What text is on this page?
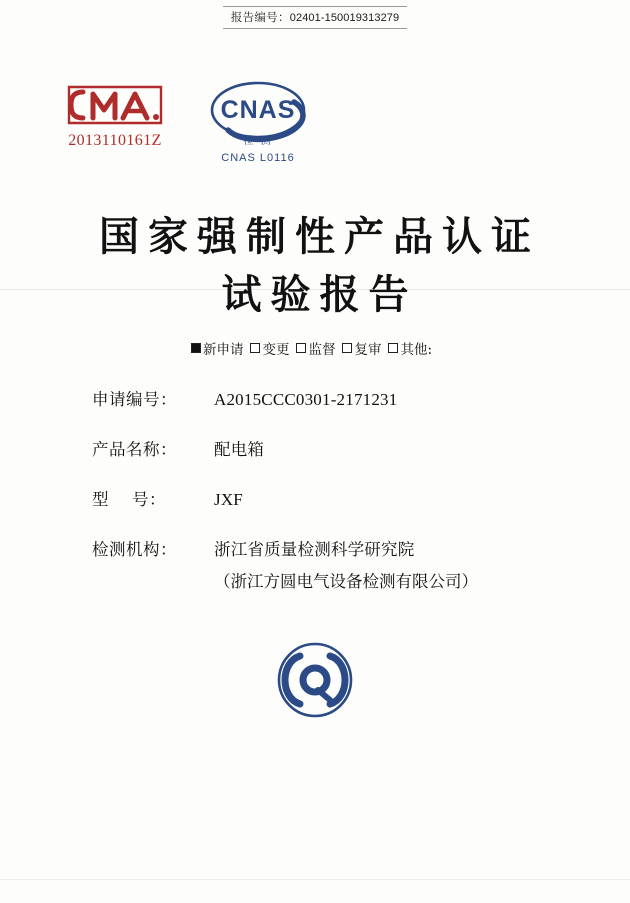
报告编号：02401-150019313279
2013110161Z
CNAS
检 测
CNAS L0116
国家强制性产品认证
试验报告
新申请 变更 监督 复审 其他:
申请编号：	A2015CCC0301-2171231
产品名称：	配电箱
型    号：	JXF
检测机构：	浙江省质量检测科学研究院
（浙江方圆电气设备检测有限公司）
